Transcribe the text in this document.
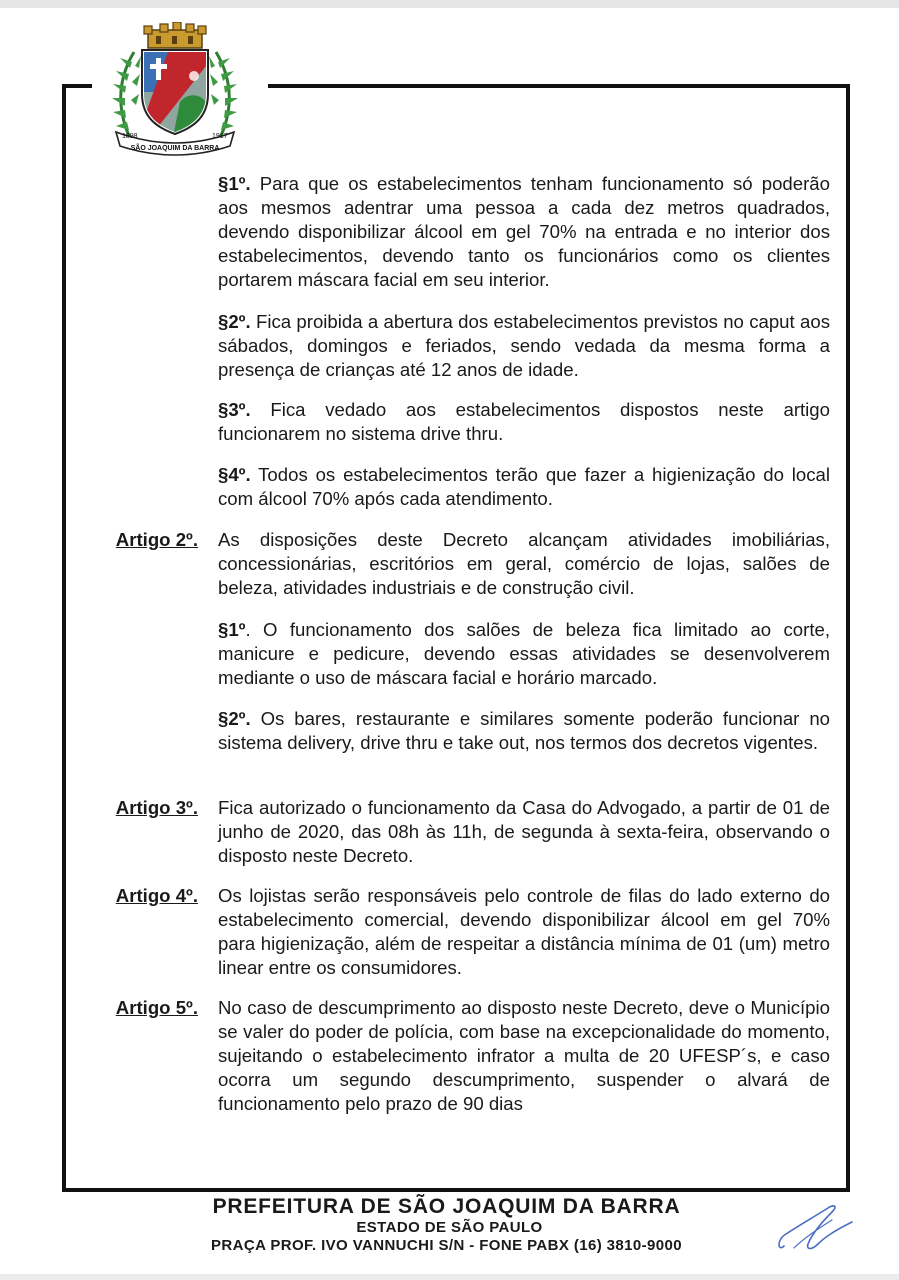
1898	1917
SÃO JOAQUIM DA BARRA
§1º. Para que os estabelecimentos tenham funcionamento só poderão aos mesmos adentrar uma pessoa a cada dez metros quadrados, devendo disponibilizar álcool em gel 70% na entrada e no interior dos estabelecimentos, devendo tanto os funcionários como os clientes portarem máscara facial em seu interior.
§2º. Fica proibida a abertura dos estabelecimentos previstos no caput aos sábados, domingos e feriados, sendo vedada da mesma forma a presença de crianças até 12 anos de idade.
§3º. Fica vedado aos estabelecimentos dispostos neste artigo funcionarem no sistema drive thru.
§4º. Todos os estabelecimentos terão que fazer a higienização do local com álcool 70% após cada atendimento.
Artigo 2º. As disposições deste Decreto alcançam atividades imobiliárias, concessionárias, escritórios em geral, comércio de lojas, salões de beleza, atividades industriais e de construção civil.
§1º. O funcionamento dos salões de beleza fica limitado ao corte, manicure e pedicure, devendo essas atividades se desenvolverem mediante o uso de máscara facial e horário marcado.
§2º. Os bares, restaurante e similares somente poderão funcionar no sistema delivery, drive thru e take out, nos termos dos decretos vigentes.
Artigo 3º. Fica autorizado o funcionamento da Casa do Advogado, a partir de 01 de junho de 2020, das 08h às 11h, de segunda à sexta-feira, observando o disposto neste Decreto.
Artigo 4º. Os lojistas serão responsáveis pelo controle de filas do lado externo do estabelecimento comercial, devendo disponibilizar álcool em gel 70% para higienização, além de respeitar a distância mínima de 01 (um) metro linear entre os consumidores.
Artigo 5º. No caso de descumprimento ao disposto neste Decreto, deve o Município se valer do poder de polícia, com base na excepcionalidade do momento, sujeitando o estabelecimento infrator a multa de 20 UFESP´s, e caso ocorra um segundo descumprimento, suspender o alvará de funcionamento pelo prazo de 90 dias
PREFEITURA DE SÃO JOAQUIM DA BARRA
ESTADO DE SÃO PAULO
PRAÇA PROF. IVO VANNUCHI S/N - FONE PABX (16) 3810-9000
